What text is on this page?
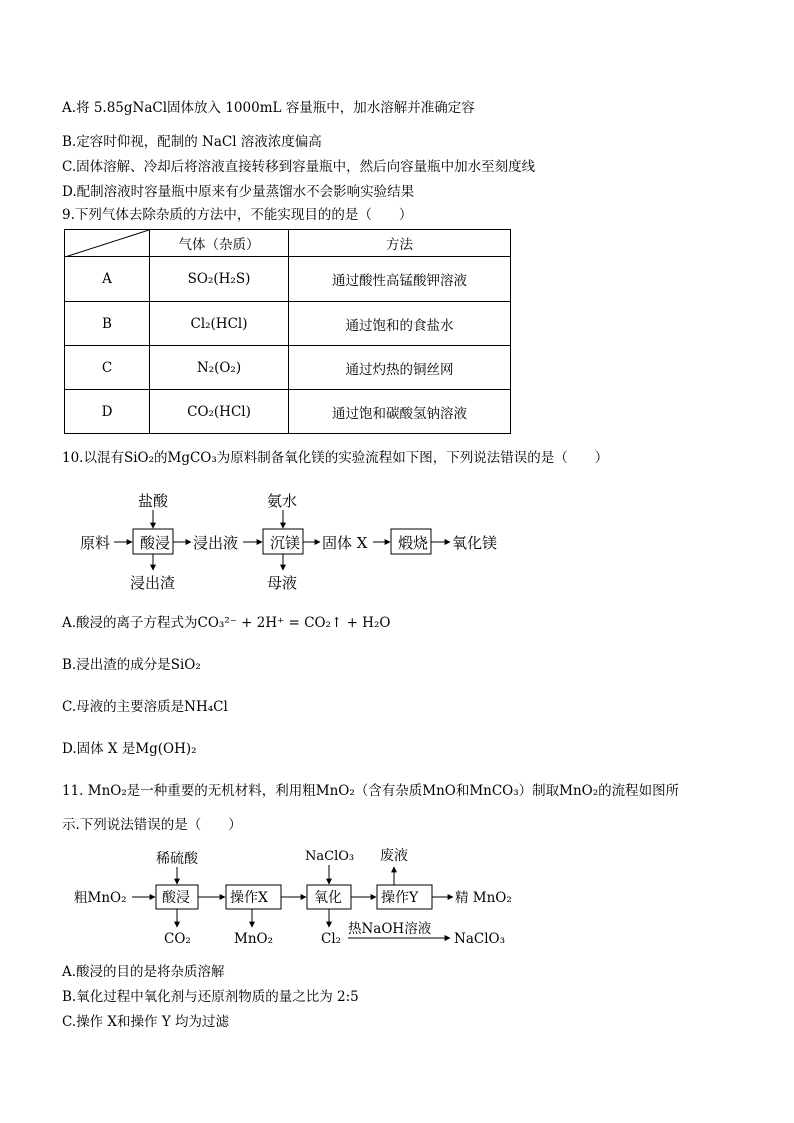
A.将 5.85gNaCl固体放入 1000mL 容量瓶中，加水溶解并准确定容
B.定容时仰视，配制的 NaCl 溶液浓度偏高
C.固体溶解、冷却后将溶液直接转移到容量瓶中，然后向容量瓶中加水至刻度线
D.配制溶液时容量瓶中原来有少量蒸馏水不会影响实验结果
9.下列气体去除杂质的方法中，不能实现目的的是（　　）
	气体（杂质）	方法
A	SO₂(H₂S)	通过酸性高锰酸钾溶液
B	Cl₂(HCl)	通过饱和的食盐水
C	N₂(O₂)	通过灼热的铜丝网
D	CO₂(HCl)	通过饱和碳酸氢钠溶液
10.以混有SiO₂的MgCO₃为原料制备氧化镁的实验流程如下图，下列说法错误的是（　　）
原料 酸浸 浸出液 沉镁 固体 X 煅烧 氧化镁
盐酸	氨水
浸出渣	母液
A.酸浸的离子方程式为CO₃²⁻ + 2H⁺ = CO₂↑ + H₂O
B.浸出渣的成分是SiO₂
C.母液的主要溶质是NH₄Cl
D.固体 X 是Mg(OH)₂
11. MnO₂是一种重要的无机材料，利用粗MnO₂（含有杂质MnO和MnCO₃）制取MnO₂的流程如图所
示.下列说法错误的是（　　）
粗MnO₂	酸浸	操作X	氧化	操作Y	精 MnO₂
稀硫酸	NaClO₃ 废液
CO₂	MnO₂	Cl₂
热NaOH溶液
NaClO₃
A.酸浸的目的是将杂质溶解
B.氧化过程中氧化剂与还原剂物质的量之比为 2:5
C.操作 X和操作 Y 均为过滤
